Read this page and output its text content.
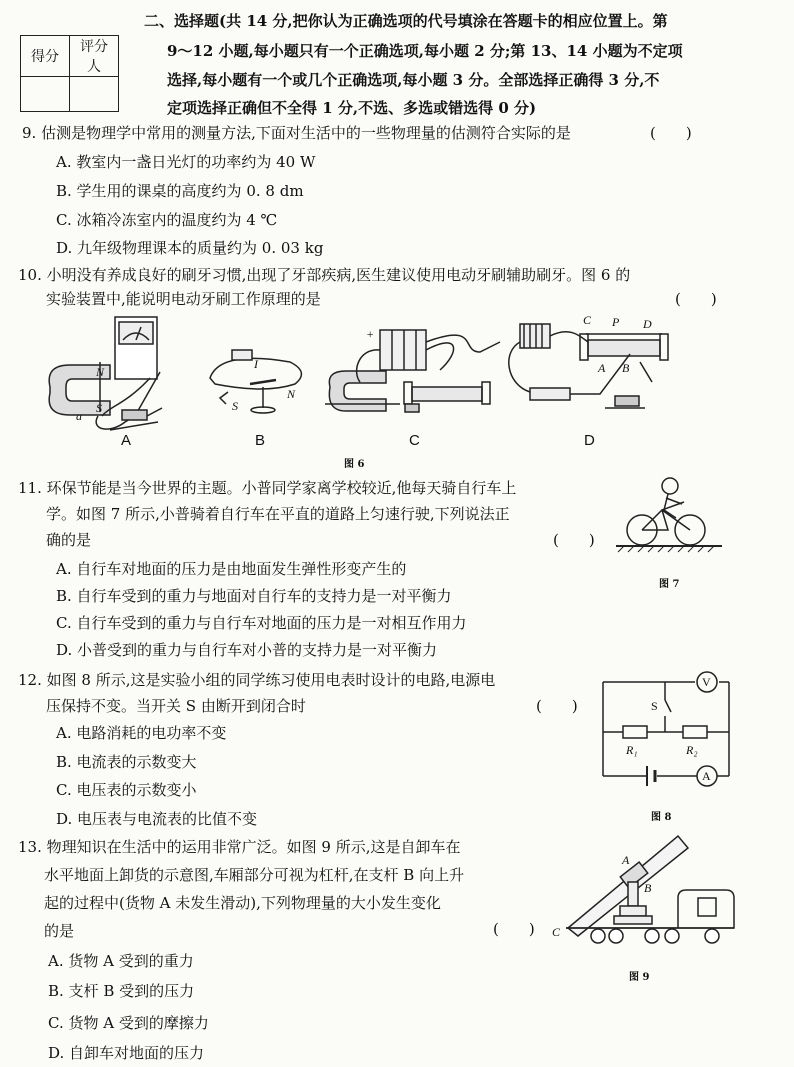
得分	评分人

二、选择题(共 14 分,把你认为正确选项的代号填涂在答题卡的相应位置上。第
9～12 小题,每小题只有一个正确选项,每小题 2 分;第 13、14 小题为不定项
选择,每小题有一个或几个正确选项,每小题 3 分。全部选择正确得 3 分,不
定项选择正确但不全得 1 分,不选、多选或错选得 0 分)
9. 估测是物理学中常用的测量方法,下面对生活中的一些物理量的估测符合实际的是	(　　)
A. 教室内一盏日光灯的功率约为 40 W
B. 学生用的课桌的高度约为 0. 8 dm
C. 冰箱冷冻室内的温度约为 4 ℃
D. 九年级物理课本的质量约为 0. 03 kg
10. 小明没有养成良好的刷牙习惯,出现了牙部疾病,医生建议使用电动牙刷辅助刷牙。图 6 的
实验装置中,能说明电动牙刷工作原理的是	(　　)
N
S
a
I
S
N
+
C P D
A B
A	B	C	D
图 6
11. 环保节能是当今世界的主题。小普同学家离学校较近,他每天骑自行车上
学。如图 7 所示,小普骑着自行车在平直的道路上匀速行驶,下列说法正
确的是	(　　)
A. 自行车对地面的压力是由地面发生弹性形变产生的
B. 自行车受到的重力与地面对自行车的支持力是一对平衡力
C. 自行车受到的重力与自行车对地面的压力是一对相互作用力
D. 小普受到的重力与自行车对小普的支持力是一对平衡力
图 7
12. 如图 8 所示,这是实验小组的同学练习使用电表时设计的电路,电源电
压保持不变。当开关 S 由断开到闭合时	(　　)
A. 电路消耗的电功率不变
B. 电流表的示数变大
C. 电压表的示数变小
D. 电压表与电流表的比值不变
V
A
S
R₁	R₂
图 8
13. 物理知识在生活中的运用非常广泛。如图 9 所示,这是自卸车在
水平地面上卸货的示意图,车厢部分可视为杠杆,在支杆 B 向上升
起的过程中(货物 A 未发生滑动),下列物理量的大小发生变化
的是	(　　)
A. 货物 A 受到的重力
B. 支杆 B 受到的压力
C. 货物 A 受到的摩擦力
D. 自卸车对地面的压力
A
B
C
图 9
